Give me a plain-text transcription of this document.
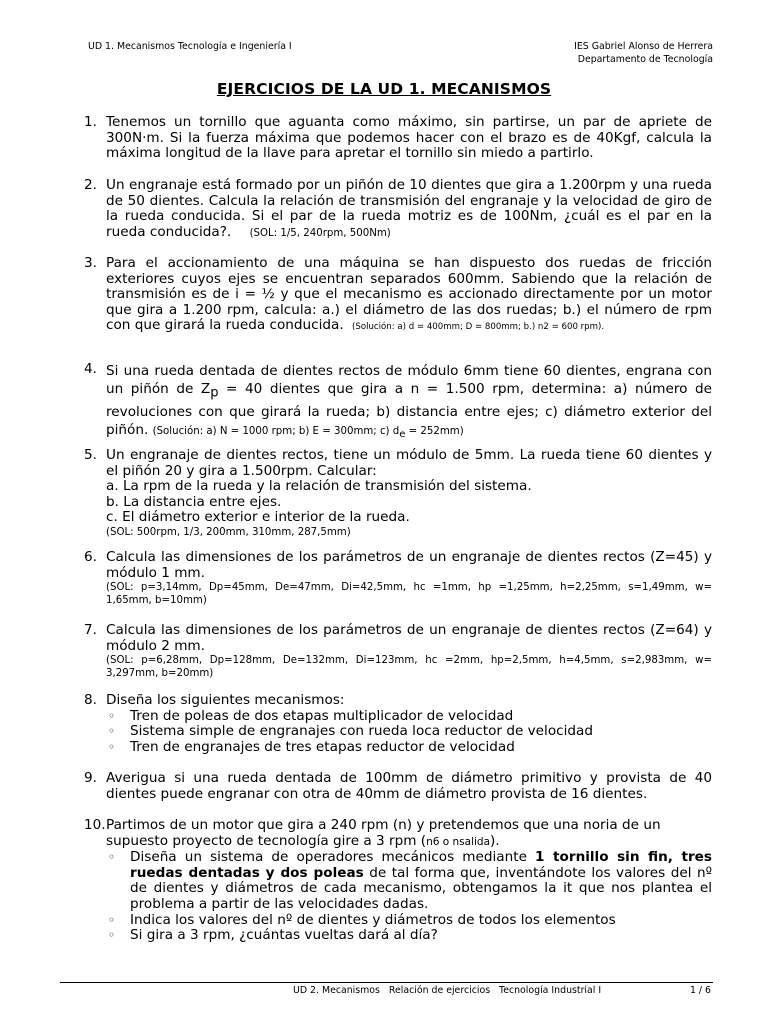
UD 1. Mecanismos Tecnología e Ingeniería I	IES Gabriel Alonso de Herrera
Departamento de Tecnología
EJERCICIOS DE LA UD 1. MECANISMOS
1. Tenemos un tornillo que aguanta como máximo, sin partirse, un par de apriete de 300N·m. Si la fuerza máxima que podemos hacer con el brazo es de 40Kgf, calcula la máxima longitud de la llave para apretar el tornillo sin miedo a partirlo.
2. Un engranaje está formado por un piñón de 10 dientes que gira a 1.200rpm y una rueda de 50 dientes. Calcula la relación de transmisión del engranaje y la velocidad de giro de la rueda conducida. Si el par de la rueda motriz es de 100Nm, ¿cuál es el par en la rueda conducida?. (SOL: 1/5, 240rpm, 500Nm)
3. Para el accionamiento de una máquina se han dispuesto dos ruedas de fricción exteriores cuyos ejes se encuentran separados 600mm. Sabiendo que la relación de transmisión es de i = ½ y que el mecanismo es accionado directamente por un motor que gira a 1.200 rpm, calcula: a.) el diámetro de las dos ruedas; b.) el número de rpm con que girará la rueda conducida. (Solución: a) d = 400mm; D = 800mm; b.) n2 = 600 rpm).
4. Si una rueda dentada de dientes rectos de módulo 6mm tiene 60 dientes, engrana con un piñón de $Z_p = 40$ dientes que gira a n = 1.500 rpm, determina: a) número de revoluciones con que girará la rueda; b) distancia entre ejes; c) diámetro exterior del piñón. (Solución: a) N = 1000 rpm; b) E = 300mm; c) $d_e = 252mm$)
5. Un engranaje de dientes rectos, tiene un módulo de 5mm. La rueda tiene 60 dientes y el piñón 20 y gira a 1.500rpm. Calcular:
a. La rpm de la rueda y la relación de transmisión del sistema.
b. La distancia entre ejes.
c. El diámetro exterior e interior de la rueda.
(SOL: 500rpm, 1/3, 200mm, 310mm, 287,5mm)
6. Calcula las dimensiones de los parámetros de un engranaje de dientes rectos (Z=45) y módulo 1 mm.
(SOL: p=3,14mm, Dp=45mm, De=47mm, Di=42,5mm, hc =1mm, hp =1,25mm, h=2,25mm, s=1,49mm, w= 1,65mm, b=10mm)
7. Calcula las dimensiones de los parámetros de un engranaje de dientes rectos (Z=64) y módulo 2 mm.
(SOL: p=6,28mm, Dp=128mm, De=132mm, Di=123mm, hc =2mm, hp=2,5mm, h=4,5mm, s=2,983mm, w= 3,297mm, b=20mm)
8. Diseña los siguientes mecanismos:
◦ Tren de poleas de dos etapas multiplicador de velocidad
◦ Sistema simple de engranajes con rueda loca reductor de velocidad
◦ Tren de engranajes de tres etapas reductor de velocidad
9. Averigua si una rueda dentada de 100mm de diámetro primitivo y provista de 40 dientes puede engranar con otra de 40mm de diámetro provista de 16 dientes.
10. Partimos de un motor que gira a 240 rpm (n) y pretendemos que una noria de un supuesto proyecto de tecnología gire a 3 rpm (n6 o nsalida).
◦ Diseña un sistema de operadores mecánicos mediante 1 tornillo sin fin, tres ruedas dentadas y dos poleas de tal forma que, inventándote los valores del nº de dientes y diámetros de cada mecanismo, obtengamos la it que nos plantea el problema a partir de las velocidades dadas.
◦ Indica los valores del nº de dientes y diámetros de todos los elementos
◦ Si gira a 3 rpm, ¿cuántas vueltas dará al día?
UD 2. Mecanismos   Relación de ejercicios   Tecnología Industrial I	1 / 6
